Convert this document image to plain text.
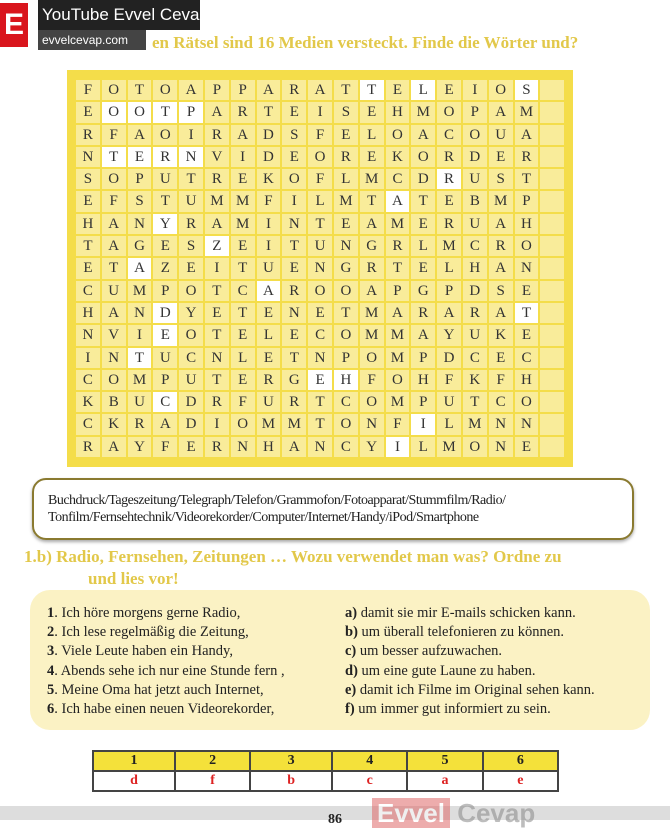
E YouTube Evvel Cevap
evvelcevap.com	en Rätsel sind 16 Medien versteckt. Finde die Wörter und?
F	O	T	O A	P	P	A	R	A	T	T	E	L	E	I	O	S
E	O O	T	P	A	R	T	E	I	S	E	H M O	P	A M
R	F	A O	I	R	A D	S	F	E	L	O A	C	O U A
N	T	E	R	N V	I	D	E	O	R	E	K O	R	D	E	R
S	O	P	U	T	R	E	K O	F	L M C	D	R	U	S	T
E	F	S	T	U M M F	I	L M T	A	T	E	B M P
H A N Y	R	A M	I	N	T	E	A M E	R	U A H
T	A G	E	S	Z	E	I	T	U N G	R	L M C	R	O
E	T	A	Z	E	I	T	U	E	N G	R	T	E	L	H A N
C	U M P	O	T	C	A	R	O O A	P	G	P	D	S	E
H A N D Y	E	T	E	N	E	T M A	R	A	R	A	T
N V	I	E	O	T	E	L	E	C	O M M A Y U K	E
I	N	T	U	C	N	L	E	T	N	P	O M P	D	C	E	C
C	O M P	U	T	E	R	G	E	H	F	O H	F	K	F	H
K	B	U	C	D	R	F	U	R	T	C	O M P	U	T	C	O
C	K	R	A D	I	O M M T	O N	F	I	L M N N
R	A Y	F	E	R	N H A N	C	Y	I	L M O N	E
Buchdruck/Tageszeitung/Telegraph/Telefon/Grammofon/Fotoapparat/Stummfilm/Radio/
Tonfilm/Fernsehtechnik/Videorekorder/Computer/Internet/Handy/iPod/Smartphone
1.b) Radio, Fernsehen, Zeitungen … Wozu verwendet man was? Ordne zu
und lies vor!
1. Ich höre morgens gerne Radio,
2. Ich lese regelmäßig die Zeitung,
3. Viele Leute haben ein Handy,
4. Abends sehe ich nur eine Stunde fern ,
5. Meine Oma hat jetzt auch Internet,
6. Ich habe einen neuen Videorekorder,
a) damit sie mir E-mails schicken kann.
b) um überall telefonieren zu können.
c) um besser aufzuwachen.
d) um eine gute Laune zu haben.
e) damit ich Filme im Original sehen kann.
f) um immer gut informiert zu sein.
1	2	3	4	5	6
d	f	b	c	a	e
Evvel Cevap
86
